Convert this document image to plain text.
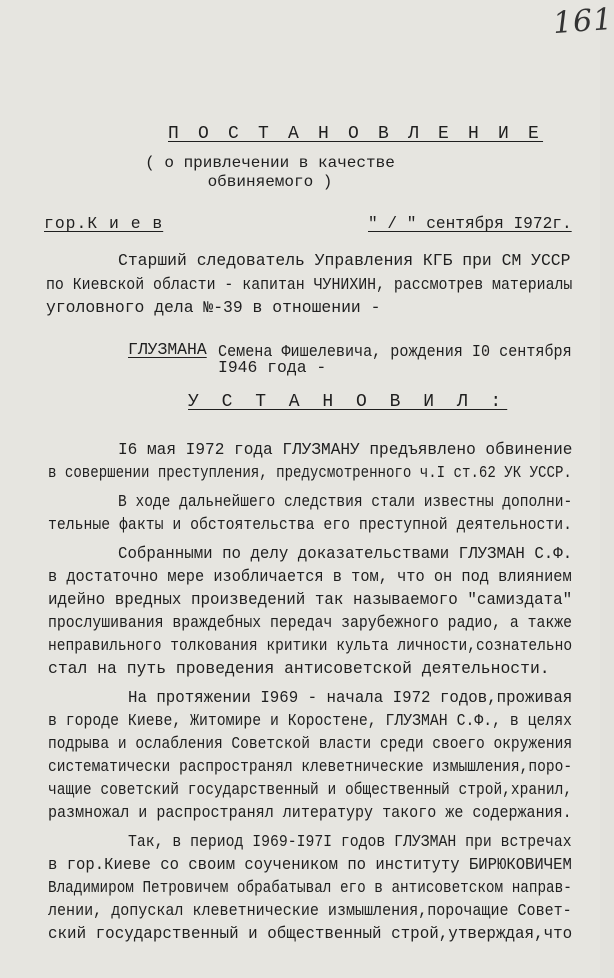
161
П О С Т А Н О В Л Е Н И Е
( о привлечении в качестве
обвиняемого )
гор.К и е в	" / " сентября I972г.
Старший следователь Управления КГБ при СМ УССР
по Киевской области - капитан ЧУНИХИН, рассмотрев материалы
уголовного дела №-39 в отношении -
ГЛУЗМАНА Семена Фишелевича, рождения I0 сентября
I946 года -
У С Т А Н О В И Л :
I6 мая I972 года ГЛУЗМАНУ предъявлено обвинение
в совершении преступления, предусмотренного ч.I ст.62 УК УССР.
В ходе дальнейшего следствия стали известны дополни-
тельные факты и обстоятельства его преступной деятельности.
Собранными по делу доказательствами ГЛУЗМАН С.Ф.
в достаточно мере изобличается в том, что он под влиянием
идейно вредных произведений так называемого "самиздата"
прослушивания враждебных передач зарубежного радио, а также
неправильного толкования критики культа личности,сознательно
стал на путь проведения антисоветской деятельности.
На протяжении I969 - начала I972 годов,проживая
в городе Киеве, Житомире и Коростене, ГЛУЗМАН С.Ф., в целях
подрыва и ослабления Советской власти среди своего окружения
систематически распространял клеветнические измышления,поро-
чащие советский государственный и общественный строй,хранил,
размножал и распространял литературу такого же содержания.
Так, в период I969-I97I годов ГЛУЗМАН при встречах
в гор.Киеве со своим соучеником по институту БИРЮКОВИЧЕМ
Владимиром Петровичем обрабатывал его в антисоветском направ-
лении, допускал клеветнические измышления,порочащие Совет-
ский государственный и общественный строй,утверждая,что
